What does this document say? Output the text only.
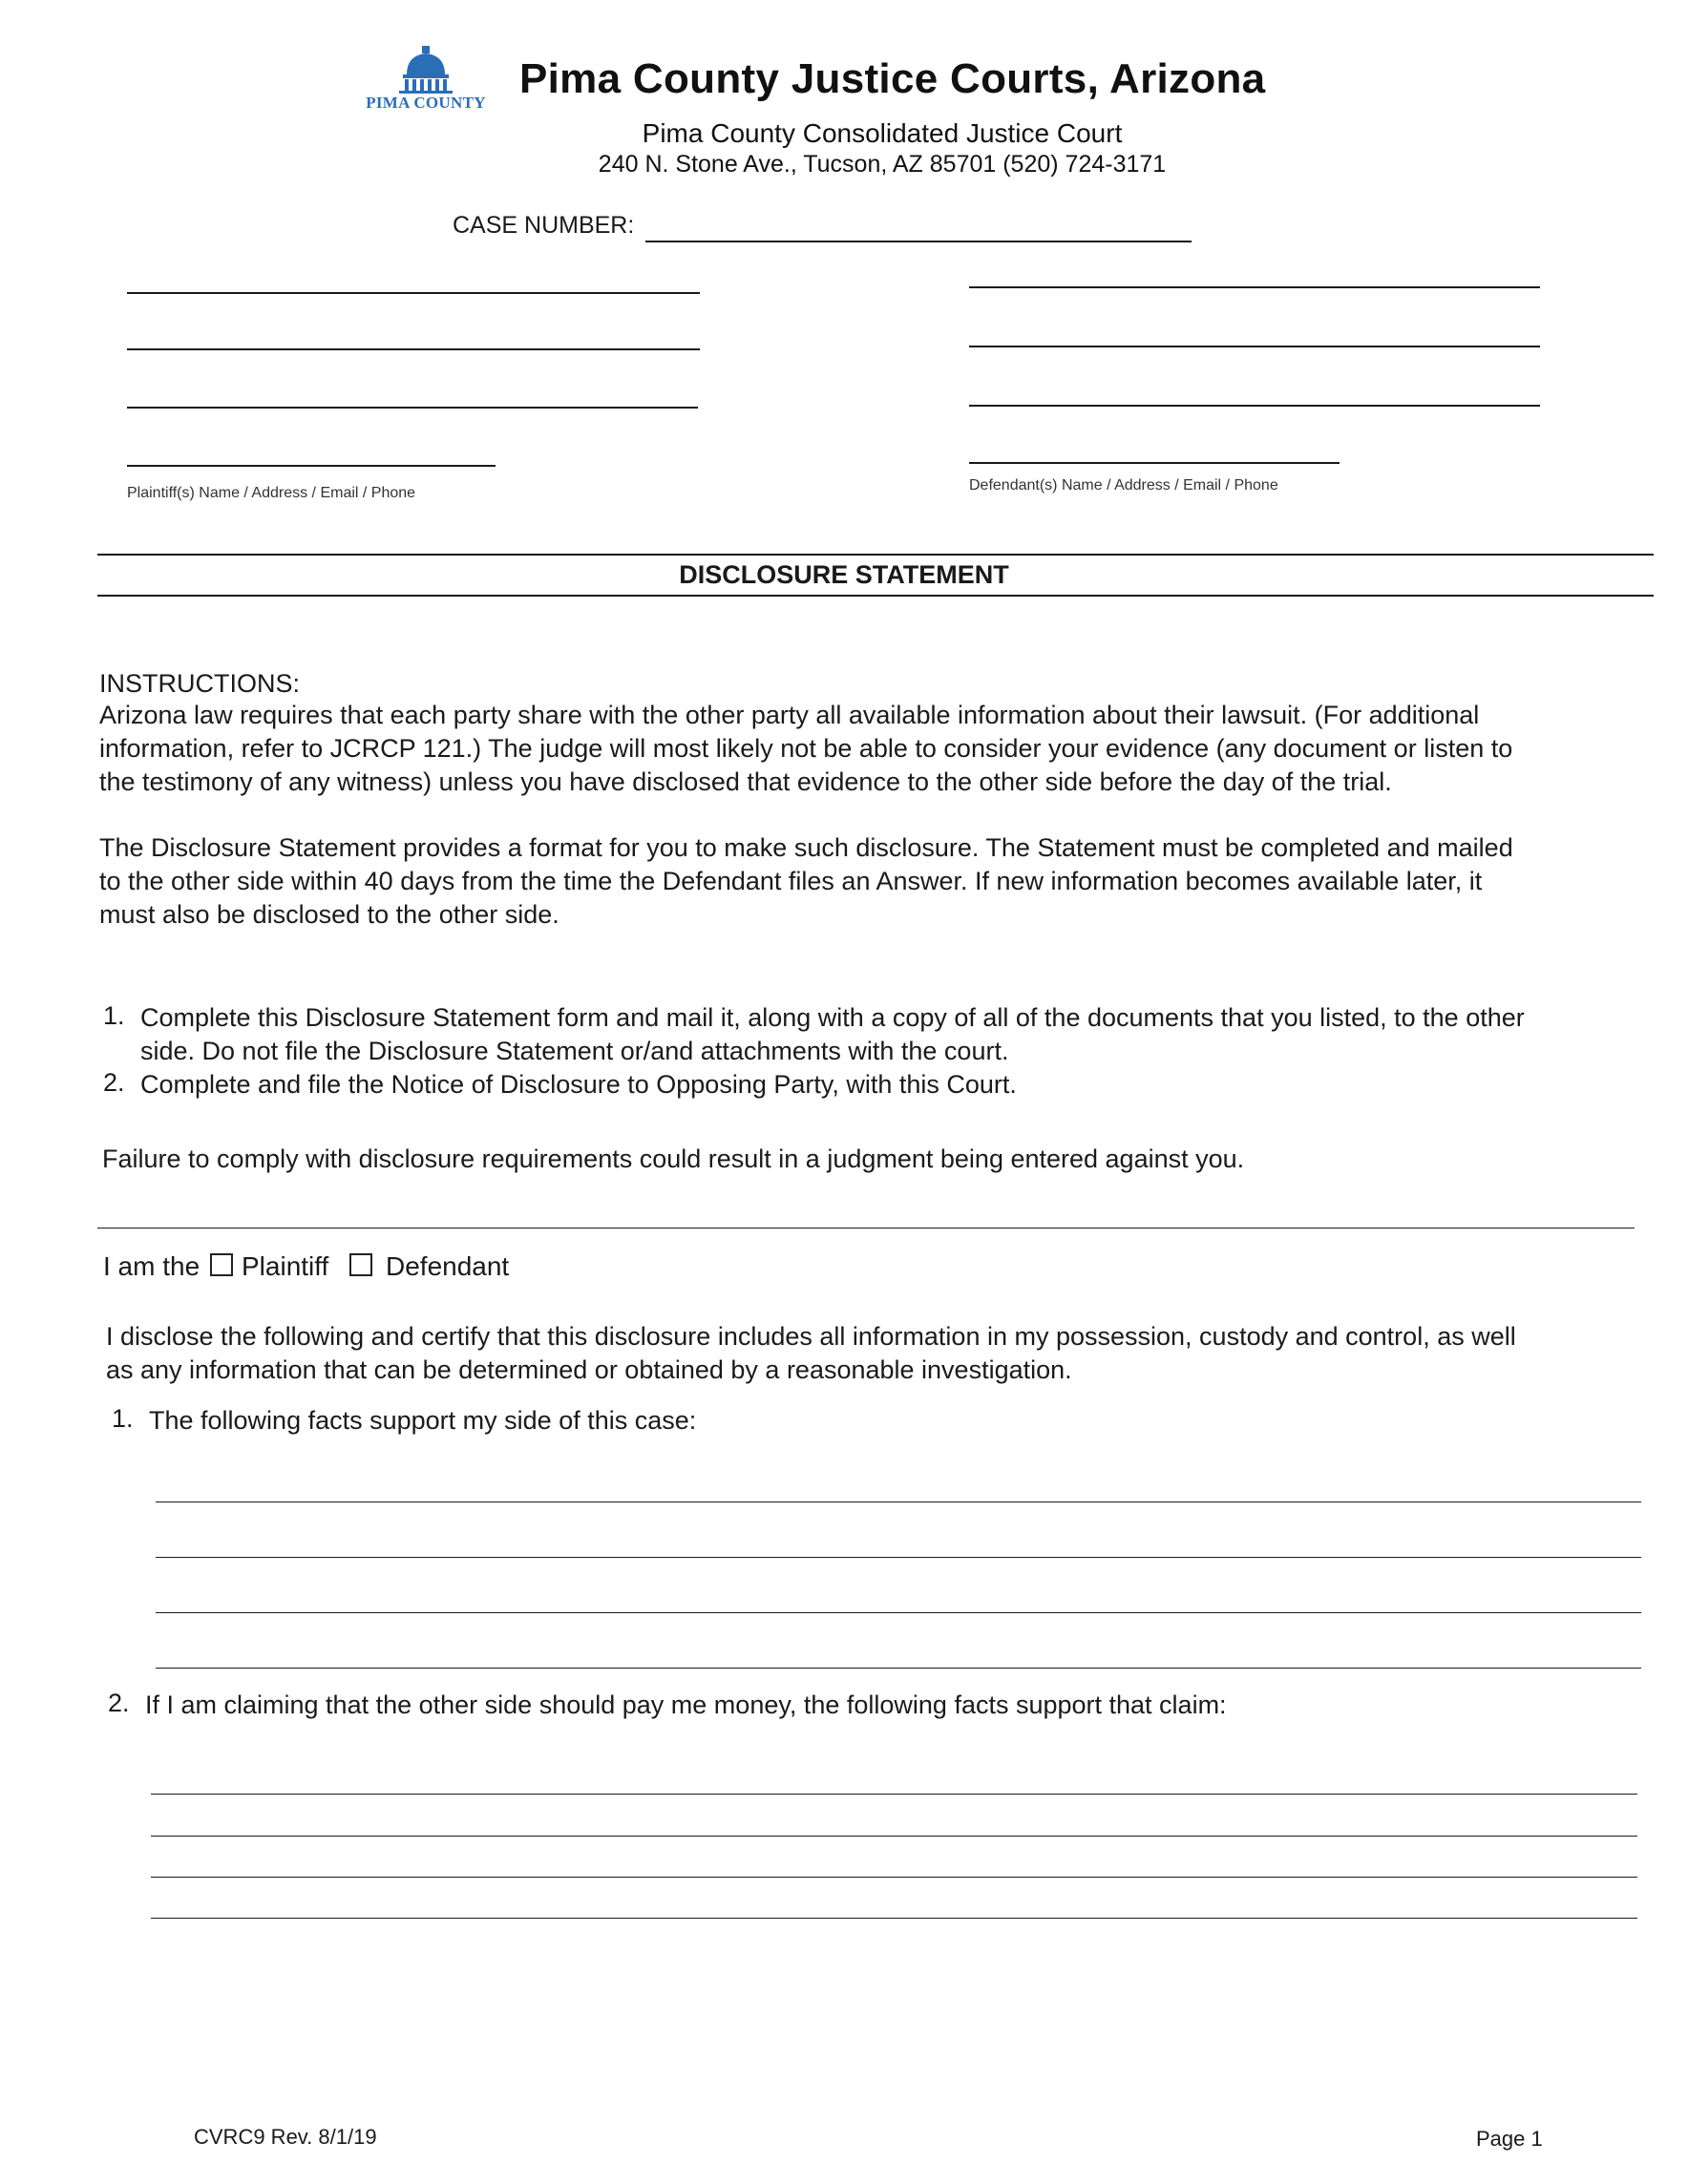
PIMA COUNTY
Pima County Justice Courts, Arizona
Pima County Consolidated Justice Court
240 N. Stone Ave., Tucson, AZ 85701 (520) 724-3171
CASE NUMBER:
Plaintiff(s) Name / Address / Email / Phone	Defendant(s) Name / Address / Email / Phone
DISCLOSURE STATEMENT
INSTRUCTIONS:
Arizona law requires that each party share with the other party all available information about their lawsuit. (For additional
information, refer to JCRCP 121.) The judge will most likely not be able to consider your evidence (any document or listen to
the testimony of any witness) unless you have disclosed that evidence to the other side before the day of the trial.
The Disclosure Statement provides a format for you to make such disclosure. The Statement must be completed and mailed
to the other side within 40 days from the time the Defendant files an Answer. If new information becomes available later, it
must also be disclosed to the other side.
1. Complete this Disclosure Statement form and mail it, along with a copy of all of the documents that you listed, to the other
side. Do not file the Disclosure Statement or/and attachments with the court.
2. Complete and file the Notice of Disclosure to Opposing Party, with this Court.
Failure to comply with disclosure requirements could result in a judgment being entered against you.
I am the Plaintiff Defendant
I disclose the following and certify that this disclosure includes all information in my possession, custody and control, as well
as any information that can be determined or obtained by a reasonable investigation.
1. The following facts support my side of this case:
2. If I am claiming that the other side should pay me money, the following facts support that claim:
CVRC9 Rev. 8/1/19	Page 1
